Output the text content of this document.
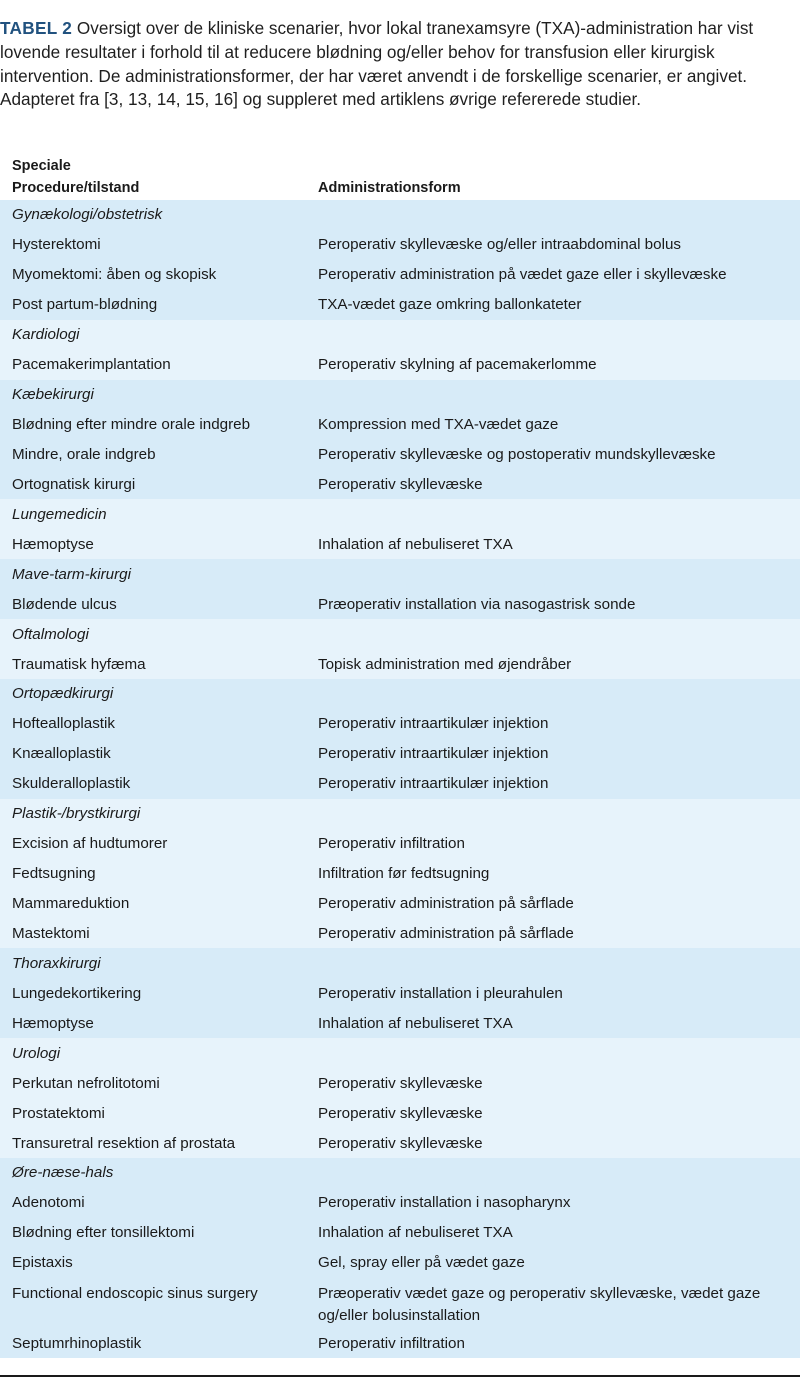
TABEL 2 Oversigt over de kliniske scenarier, hvor lokal tranexamsyre (TXA)-administration har vist lovende resultater i forhold til at reducere blødning og/eller behov for transfusion eller kirurgisk intervention. De administrationsformer, der har været anvendt i de forskellige scenarier, er angivet. Adapteret fra [3, 13, 14, 15, 16] og suppleret med artiklens øvrige refererede studier.
Speciale
Procedure/tilstand	Administrationsform
Gynækologi/obstetrisk
Hysterektomi	Peroperativ skyllevæske og/eller intraabdominal bolus
Myomektomi: åben og skopisk	Peroperativ administration på vædet gaze eller i skyllevæske
Post partum-blødning	TXA-vædet gaze omkring ballonkateter
Kardiologi
Pacemakerimplantation	Peroperativ skylning af pacemakerlomme
Kæbekirurgi
Blødning efter mindre orale indgreb	Kompression med TXA-vædet gaze
Mindre, orale indgreb	Peroperativ skyllevæske og postoperativ mundskyllevæske
Ortognatisk kirurgi	Peroperativ skyllevæske
Lungemedicin
Hæmoptyse	Inhalation af nebuliseret TXA
Mave-tarm-kirurgi
Blødende ulcus	Præoperativ installation via nasogastrisk sonde
Oftalmologi
Traumatisk hyfæma	Topisk administration med øjendråber
Ortopædkirurgi
Hoftealloplastik	Peroperativ intraartikulær injektion
Knæalloplastik	Peroperativ intraartikulær injektion
Skulderalloplastik	Peroperativ intraartikulær injektion
Plastik-/brystkirurgi
Excision af hudtumorer	Peroperativ infiltration
Fedtsugning	Infiltration før fedtsugning
Mammareduktion	Peroperativ administration på sårflade
Mastektomi	Peroperativ administration på sårflade
Thoraxkirurgi
Lungedekortikering	Peroperativ installation i pleurahulen
Hæmoptyse	Inhalation af nebuliseret TXA
Urologi
Perkutan nefrolitotomi	Peroperativ skyllevæske
Prostatektomi	Peroperativ skyllevæske
Transuretral resektion af prostata	Peroperativ skyllevæske
Øre-næse-hals
Adenotomi	Peroperativ installation i nasopharynx
Blødning efter tonsillektomi	Inhalation af nebuliseret TXA
Epistaxis	Gel, spray eller på vædet gaze
Functional endoscopic sinus surgery	Præoperativ vædet gaze og peroperativ skyllevæske, vædet gaze og/eller bolusinstallation
Septumrhinoplastik	Peroperativ infiltration
